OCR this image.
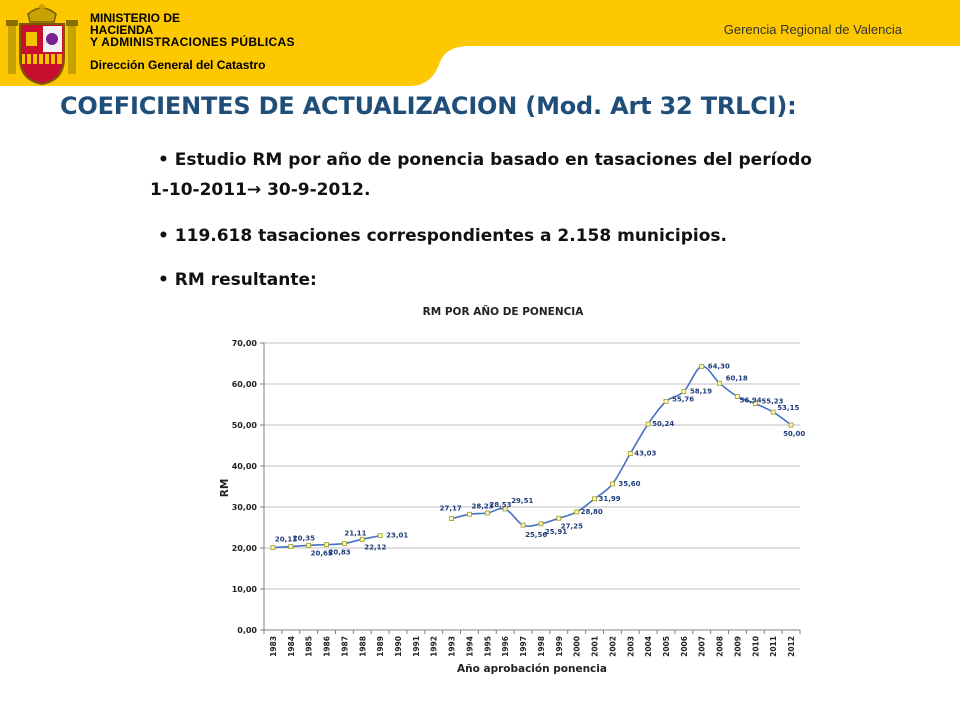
MINISTERIO DE
HACIENDA
Y ADMINISTRACIONES PÚBLICAS
Dirección General del Catastro
Gerencia Regional de Valencia
COEFICIENTES DE ACTUALIZACION (Mod. Art 32 TRLCI):
• Estudio RM por año de ponencia basado en tasaciones del período
1-10-2011→ 30-9-2012.
• 119.618 tasaciones correspondientes a 2.158 municipios.
• RM resultante:
RM POR AÑO DE PONENCIA
RM
Año aprobación ponencia
0,00
10,00
20,00
30,00
40,00
50,00
60,00
70,00
1983 1984 1985 1986 1987 1988 1989 1990 1991 1992 1993 1994 1995 1996 1997 1998 1999 2000 2001 2002 2003 2004 2005 2006 2007 2008 2009 2010 2011 2012
20,11
20,35
20,65
20,83
21,11
22,12
23,01
27,17 28,23
28,53
29,51
25,56
25,91
27,25
28,80
31,99
35,60
43,03
50,24
55,76
58,19
64,30
60,18
56,94 55,23
53,15
50,00
